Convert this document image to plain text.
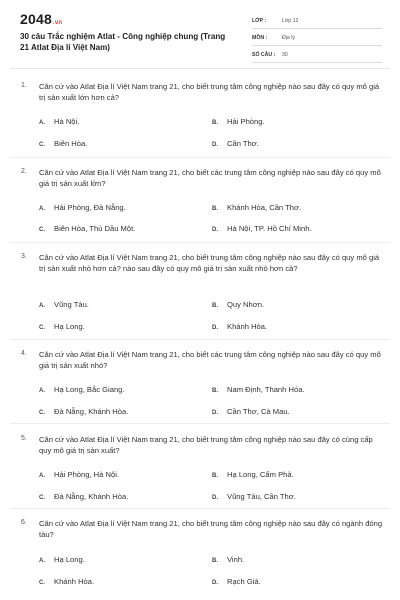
2048.vn
30 câu Trắc nghiệm Atlat - Công nghiệp chung (Trang 21 Atlat Địa lí Việt Nam)
LỚP :	Lớp 12
MÔN :	Địa lý
SỐ CÂU :	30
1. Căn cứ vào Atlat Địa lí Việt Nam trang 21, cho biết trung tâm công nghiệp nào sau đây có quy mô giá trị sản xuất lớn hơn cả?
A.	Hà Nội.	B.	Hải Phòng.
C.	Biên Hòa.	D.	Cần Thơ.
2. Căn cứ vào Atlat Địa lí Việt Nam trang 21, cho biết các trung tâm công nghiệp nào sau đây có quy mô giá trị sản xuất lớn?
A.	Hải Phòng, Đà Nẵng.	B.	Khánh Hòa, Cần Thơ.
C.	Biên Hòa, Thủ Dầu Một.	D.	Hà Nội, TP. Hồ Chí Minh.
3. Căn cứ vào Atlat Địa lí Việt Nam trang 21, cho biết trung tâm công nghiệp nào sau đây có quy mô giá trị sản xuất nhỏ hơn cả? nào sau đây có quy mô giá trị sản xuất nhỏ hơn cả?
A.	Vũng Tàu.	B.	Quy Nhơn.
C.	Hạ Long.	D.	Khánh Hòa.
4. Căn cứ vào Atlat Địa lí Việt Nam trang 21, cho biết các trung tâm công nghiệp nào sau đây có quy mô giá trị sản xuất nhỏ?
A.	Hạ Long, Bắc Giang.	B.	Nam Định, Thanh Hóa.
C.	Đà Nẵng, Khánh Hòa.	D.	Cần Thơ, Cà Mau.
5. Căn cứ vào Atlat Địa lí Việt Nam trang 21, cho biết trung tâm công nghiệp nào sau đây có cùng cấp quy mô giá trị sản xuất?
A.	Hải Phòng, Hà Nội.	B.	Hạ Long, Cẩm Phả.
C.	Đà Nẵng, Khánh Hòa.	D.	Vũng Tàu, Cần Thơ.
6. Căn cứ vào Atlat Địa lí Việt Nam trang 21, cho biết trung tâm công nghiệp nào sau đây có ngành đóng tàu?
A.	Hạ Long.	B.	Vinh.
C.	Khánh Hòa.	D.	Rạch Giá.
